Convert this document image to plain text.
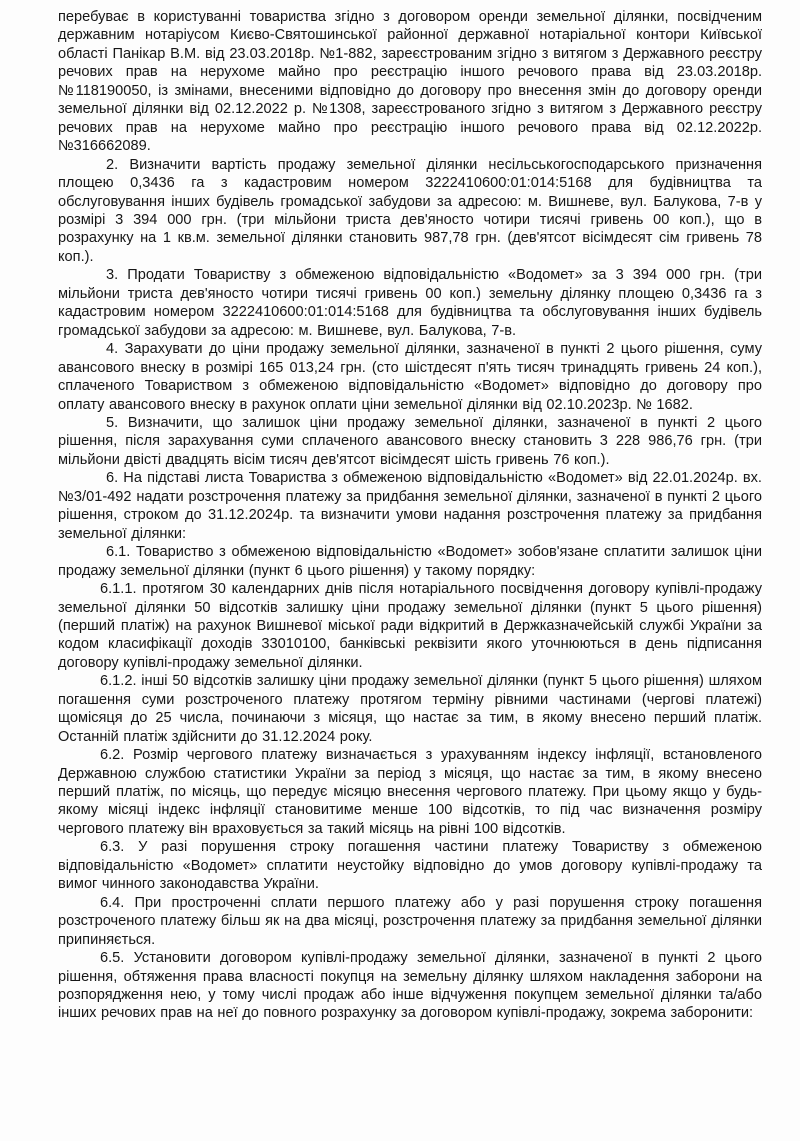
перебуває в користуванні товариства згідно з договором оренди земельної ділянки, посвідченим державним нотаріусом Києво-Святошинської районної державної нотаріальної контори Київської області Панікар В.М. від 23.03.2018р. №1-882, зареєстрованим згідно з витягом з Державного реєстру речових прав на нерухоме майно про реєстрацію іншого речового права від 23.03.2018р. №118190050, із змінами, внесеними відповідно до договору про внесення змін до договору оренди земельної ділянки від 02.12.2022 р. №1308, зареєстрованого згідно з витягом з Державного реєстру речових прав на нерухоме майно про реєстрацію іншого речового права від 02.12.2022р. №316662089.

2. Визначити вартість продажу земельної ділянки несільськогосподарського призначення площею 0,3436 га з кадастровим номером 3222410600:01:014:5168 для будівництва та обслуговування інших будівель громадської забудови за адресою: м. Вишневе, вул. Балукова, 7-в у розмірі 3 394 000 грн. (три мільйони триста дев'яносто чотири тисячі гривень 00 коп.), що в розрахунку на 1 кв.м. земельної ділянки становить 987,78 грн. (дев'ятсот вісімдесят сім гривень 78 коп.).

3. Продати Товариству з обмеженою відповідальністю «Водомет» за 3 394 000 грн. (три мільйони триста дев'яносто чотири тисячі гривень 00 коп.) земельну ділянку площею 0,3436 га з кадастровим номером 3222410600:01:014:5168 для будівництва та обслуговування інших будівель громадської забудови за адресою: м. Вишневе, вул. Балукова, 7-в.

4. Зарахувати до ціни продажу земельної ділянки, зазначеної в пункті 2 цього рішення, суму авансового внеску в розмірі 165 013,24 грн. (сто шістдесят п'ять тисяч тринадцять гривень 24 коп.), сплаченого Товариством з обмеженою відповідальністю «Водомет» відповідно до договору про оплату авансового внеску в рахунок оплати ціни земельної ділянки від 02.10.2023р. № 1682.

5. Визначити, що залишок ціни продажу земельної ділянки, зазначеної в пункті 2 цього рішення, після зарахування суми сплаченого авансового внеску становить 3 228 986,76 грн. (три мільйони двісті двадцять вісім тисяч дев'ятсот вісімдесят шість гривень 76 коп.).

6. На підставі листа Товариства з обмеженою відповідальністю «Водомет» від 22.01.2024р. вх.№3/01-492 надати розстрочення платежу за придбання земельної ділянки, зазначеної в пункті 2 цього рішення, строком до 31.12.2024р. та визначити умови надання розстрочення платежу за придбання земельної ділянки:

6.1. Товариство з обмеженою відповідальністю «Водомет» зобов'язане сплатити залишок ціни продажу земельної ділянки (пункт 6 цього рішення) у такому порядку:

6.1.1. протягом 30 календарних днів після нотаріального посвідчення договору купівлі-продажу земельної ділянки 50 відсотків залишку ціни продажу земельної ділянки (пункт 5 цього рішення) (перший платіж) на рахунок Вишневої міської ради відкритий в Держказначейській службі України за кодом класифікації доходів 33010100, банківські реквізити якого уточнюються в день підписання договору купівлі-продажу земельної ділянки.

6.1.2. інші 50 відсотків залишку ціни продажу земельної ділянки (пункт 5 цього рішення) шляхом погашення суми розстроченого платежу протягом терміну рівними частинами (чергові платежі) щомісяця до 25 числа, починаючи з місяця, що настає за тим, в якому внесено перший платіж. Останній платіж здійснити до 31.12.2024 року.

6.2. Розмір чергового платежу визначається з урахуванням індексу інфляції, встановленого Державною службою статистики України за період з місяця, що настає за тим, в якому внесено перший платіж, по місяць, що передує місяцю внесення чергового платежу. При цьому якщо у будь-якому місяці індекс інфляції становитиме менше 100 відсотків, то під час визначення розміру чергового платежу він враховується за такий місяць на рівні 100 відсотків.

6.3. У разі порушення строку погашення частини платежу Товариству з обмеженою відповідальністю «Водомет» сплатити неустойку відповідно до умов договору купівлі-продажу та вимог чинного законодавства України.

6.4. При простроченні сплати першого платежу або у разі порушення строку погашення розстроченого платежу більш як на два місяці, розстрочення платежу за придбання земельної ділянки припиняється.

6.5. Установити договором купівлі-продажу земельної ділянки, зазначеної в пункті 2 цього рішення, обтяження права власності покупця на земельну ділянку шляхом накладення заборони на розпорядження нею, у тому числі продаж або інше відчуження покупцем земельної ділянки та/або інших речових прав на неї до повного розрахунку за договором купівлі-продажу, зокрема заборонити:
